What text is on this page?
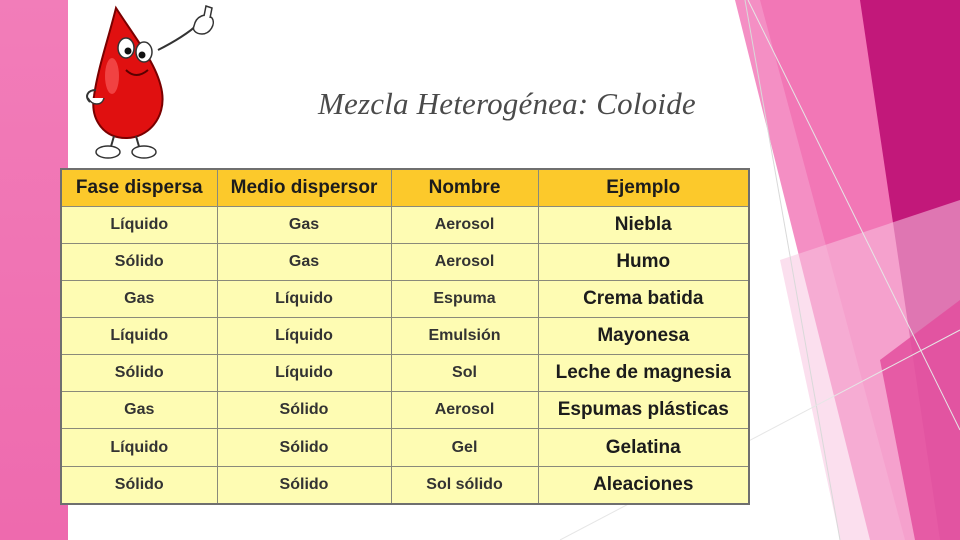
Mezcla Heterogénea: Coloide
Fase dispersa	Medio dispersor	Nombre	Ejemplo
Líquido	Gas	Aerosol	Niebla
Sólido	Gas	Aerosol	Humo
Gas	Líquido	Espuma	Crema batida
Líquido	Líquido	Emulsión	Mayonesa
Sólido	Líquido	Sol	Leche de magnesia
Gas	Sólido	Aerosol	Espumas plásticas
Líquido	Sólido	Gel	Gelatina
Sólido	Sólido	Sol sólido	Aleaciones
